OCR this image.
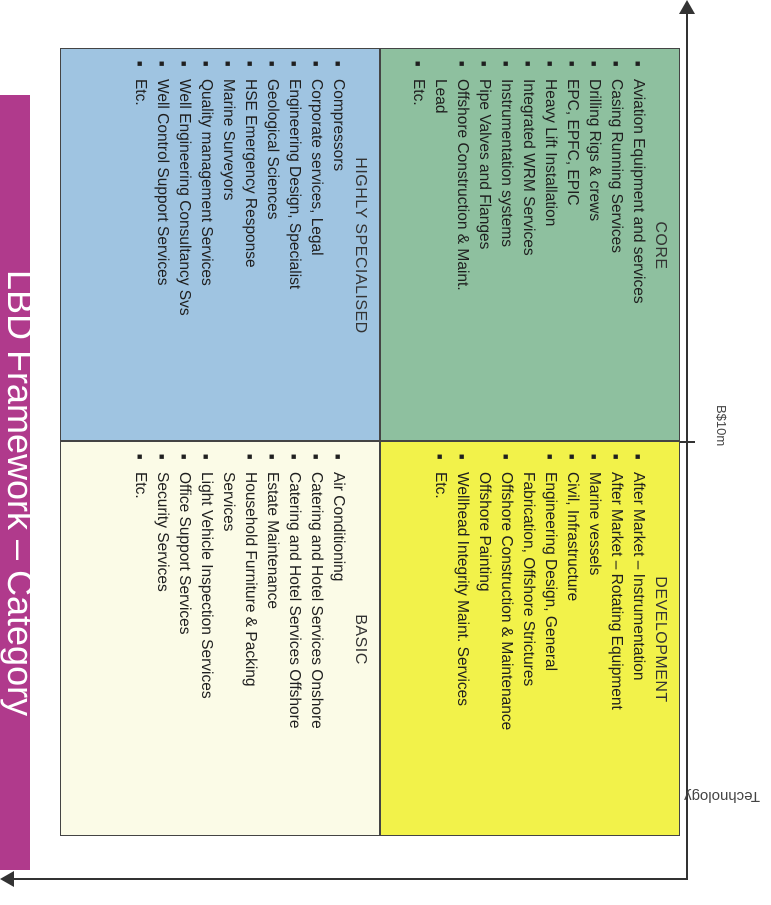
LBD Framework – Category	B$10m
Technology
HIGHLY SPECIALISED
■ Compressors
■ Corporate services, Legal
■ Engineering Design, Specialist
■ Geological Sciences
■ HSE Emergency Response
■ Marine Surveyors
■ Quality management Services
■ Well Engineering Consultancy Svs
■ Well Control Support Services
■ Etc.
CORE
■ Aviation Equipment and services
■ Casing Running Services
■ Drilling Rigs & crews
■ EPC, EPFC, EPIC
■ Heavy Lift Installation
■ Integrated WRM Services
■ Instrumentation systems
■ Pipe Valves and Flanges
■ Offshore Construction & Maint.
Lead
■ Etc.
BASIC
■ Air Conditioning
■ Catering and Hotel Services Onshore
■ Catering and Hotel Services Offshore
■ Estate Maintenance
■ Household Furniture & Packing
Services
■ Light Vehicle Inspection Services
■ Office Support Services
■ Security Services
■ Etc.
DEVELOPMENT
■ After Market – Instrumentation
■ After Market – Rotating Equipment
■ Marine vessels
■ Civil, Infrastructure
■ Engineering Design, General
Fabrication, Offshore Strictures
■ Offshore Construction & Maintenance
Offshore Painting
■ Wellhead Integrity Maint. Services
■ Etc.
